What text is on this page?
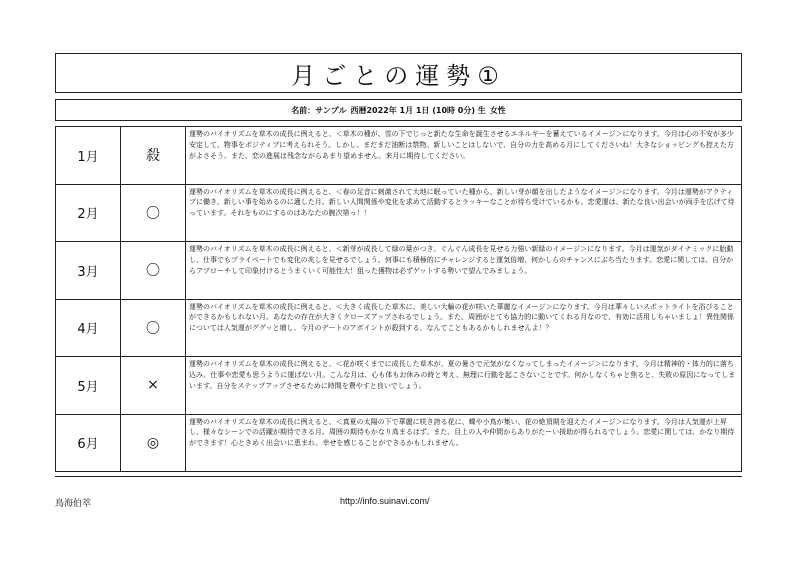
月ごとの運勢①
名前：サンプル 西暦2022年 1月 1日 (10時 0分) 生 女性
1月	殺	運勢のバイオリズムを草木の成長に例えると、＜草木の種が、雪の下でじっと新たな生命を誕生させるエネルギーを蓄えているイメージ＞になります。今月は心の不安が多少安定して、物事をポジティブに考えられそう。しかし、まだまだ油断は禁物。新しいことはしないで、自分の力を高める月にしてくださいね！大きなショッピングも控えた方がよさそう。また、恋の進展は残念ながらあまり望めません。来月に期待してください。
2月	〇	運勢のバイオリズムを草木の成長に例えると、＜春の足音に刺激されて大地に眠っていた種から、新しい芽が顔を出したようなイメージ＞になります。今月は運勢がアクティブに働き、新しい事を始めるのに適した月。新しい人間関係や変化を求めて活動するとラッキーなことが待ち受けているかも。恋愛運は、新たな良い出会いが両手を広げて待っています。それをものにするのはあなたの腕次第っ！！
3月	〇	運勢のバイオリズムを草木の成長に例えると、＜新芽が成長して緑の葉がつき、ぐんぐん成長を見せる力強い新緑のイメージ＞になります。今月は運気がダイナミックに胎動し、仕事でもプライベートでも変化の兆しを見せるでしょう。何事にも積極的にチャレンジすると運気倍増、何かしらのチャンスにぶち当たります。恋愛に関しては、自分からアプローチして印象付けるとうまくいく可能性大！狙った獲物は必ずゲットする勢いで望んでみましょう。
4月	〇	運勢のバイオリズムを草木の成長に例えると、＜大きく成長した草木に、美しい大輪の花が咲いた華麗なイメージ＞になります。今月は華々しいスポットライトを浴びることができるかもしれない月。あなたの存在が大きくクローズアップされるでしょう。また、周囲がとても協力的に動いてくれる月なので、有効に活用しちゃいましょ！異性関係については人気運がググッと増し、今月のデートのアポイントが殺到する、なんてこともあるかもしれませんよ！？
5月	×	運勢のバイオリズムを草木の成長に例えると、＜花が咲くまでに成長した草木が、夏の暑さで元気がなくなってしまったイメージ＞になります。今月は精神的・体力的に落ち込み、仕事や恋愛も思うように運ばない月。こんな月は、心も体もお休みの時と考え、無理に行動を起こさないことです。何かしなくちゃと焦ると、失敗の原因になってしまいます。自分をステップアップさせるために時間を費やすと良いでしょう。
6月	◎	運勢のバイオリズムを草木の成長に例えると、＜真夏の太陽の下で華麗に咲き誇る花に、蝶や小鳥が集い、花の絶頂期を迎えたイメージ＞になります。今月は人気運が上昇し、様々なシーンでの活躍が期待できる月。周囲の期待もかなり高まるはず。また、目上の人や仲間からありがたーい援助が得られるでしょう。恋愛に関しては、かなり期待ができます！心ときめく出会いに恵まれ、幸せを感じることができるかもしれません。
鳥海伯萃	http://info.suinavi.com/
